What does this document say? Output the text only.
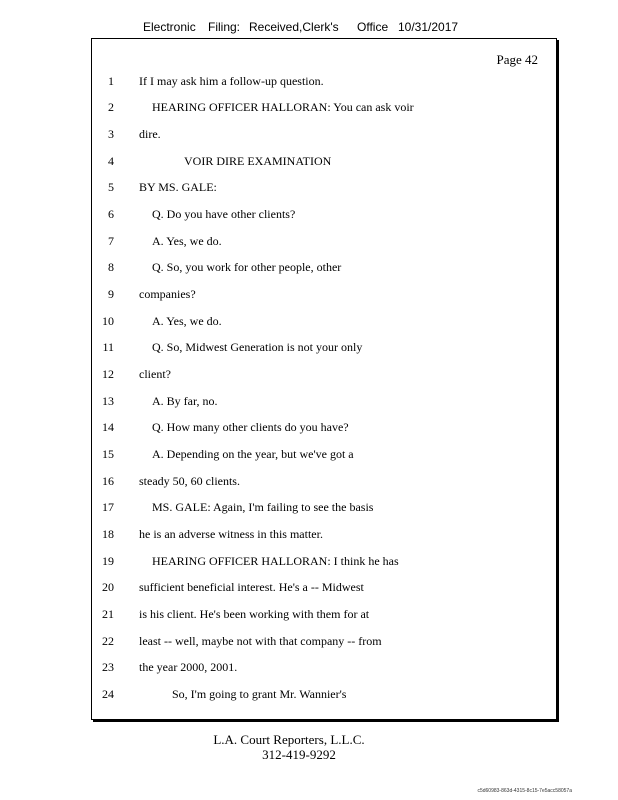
Electronic Filing: Received,Clerk's Office 10/31/2017
Page 42
1 If I may ask him a follow-up question.
2	HEARING OFFICER HALLORAN: You can ask voir
3 dire.
4	VOIR DIRE EXAMINATION
5 BY MS. GALE:
6	Q. Do you have other clients?
7	A. Yes, we do.
8	Q. So, you work for other people, other
9 companies?
10	A. Yes, we do.
11	Q. So, Midwest Generation is not your only
12 client?
13	A. By far, no.
14	Q. How many other clients do you have?
15	A. Depending on the year, but we've got a
16 steady 50, 60 clients.
17	MS. GALE: Again, I'm failing to see the basis
18 he is an adverse witness in this matter.
19	HEARING OFFICER HALLORAN: I think he has
20 sufficient beneficial interest. He's a -- Midwest
21 is his client. He's been working with them for at
22 least -- well, maybe not with that company -- from
23 the year 2000, 2001.
24	So, I'm going to grant Mr. Wannier's
L.A. Court Reporters, L.L.C.
312-419-9292
c5d60983-863d-4315-8c15-7e5acc58057a
